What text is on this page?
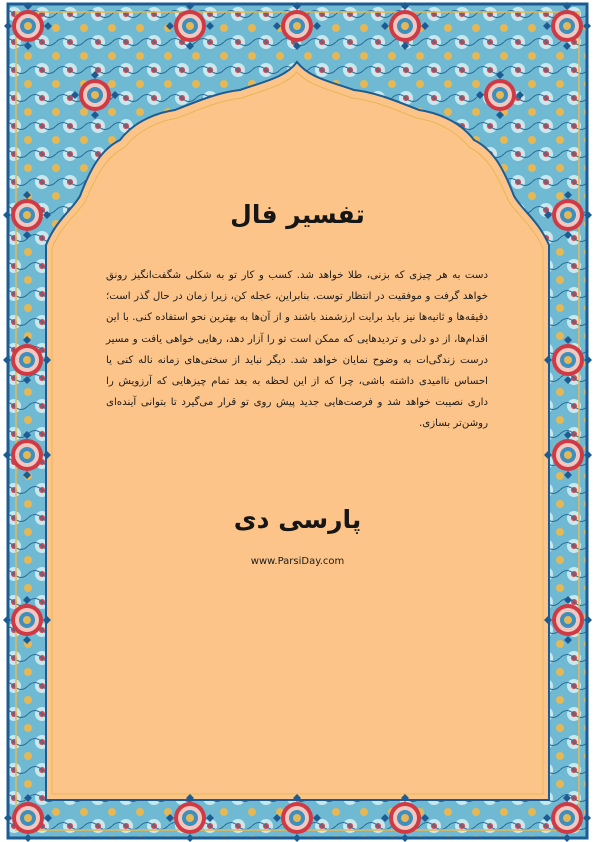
تفسیر فال

دست به هر چیزی که بزنی، طلا خواهد شد. کسب و کار تو به شکلی شگفت‌انگیز رونق خواهد گرفت و موفقیت در انتظار توست. بنابراین، عجله کن، زیرا زمان در حال گذر است؛ دقیقه‌ها و ثانیه‌ها نیز باید برایت ارزشمند باشند و از آن‌ها به بهترین نحو استفاده کنی. با این اقدام‌ها، از دو دلی و تردیدهایی که ممکن است تو را آزار دهد، رهایی خواهی یافت و مسیر درست زندگی‌ات به وضوح نمایان خواهد شد. دیگر نباید از سختی‌های زمانه ناله کنی یا احساس ناامیدی داشته باشی، چرا که از این لحظه به بعد تمام چیزهایی که آرزویش را داری نصیبت خواهد شد و فرصت‌هایی جدید پیش روی تو قرار می‌گیرد تا بتوانی آینده‌ای روشن‌تر بسازی.

پارسی دی

www.ParsiDay.com
